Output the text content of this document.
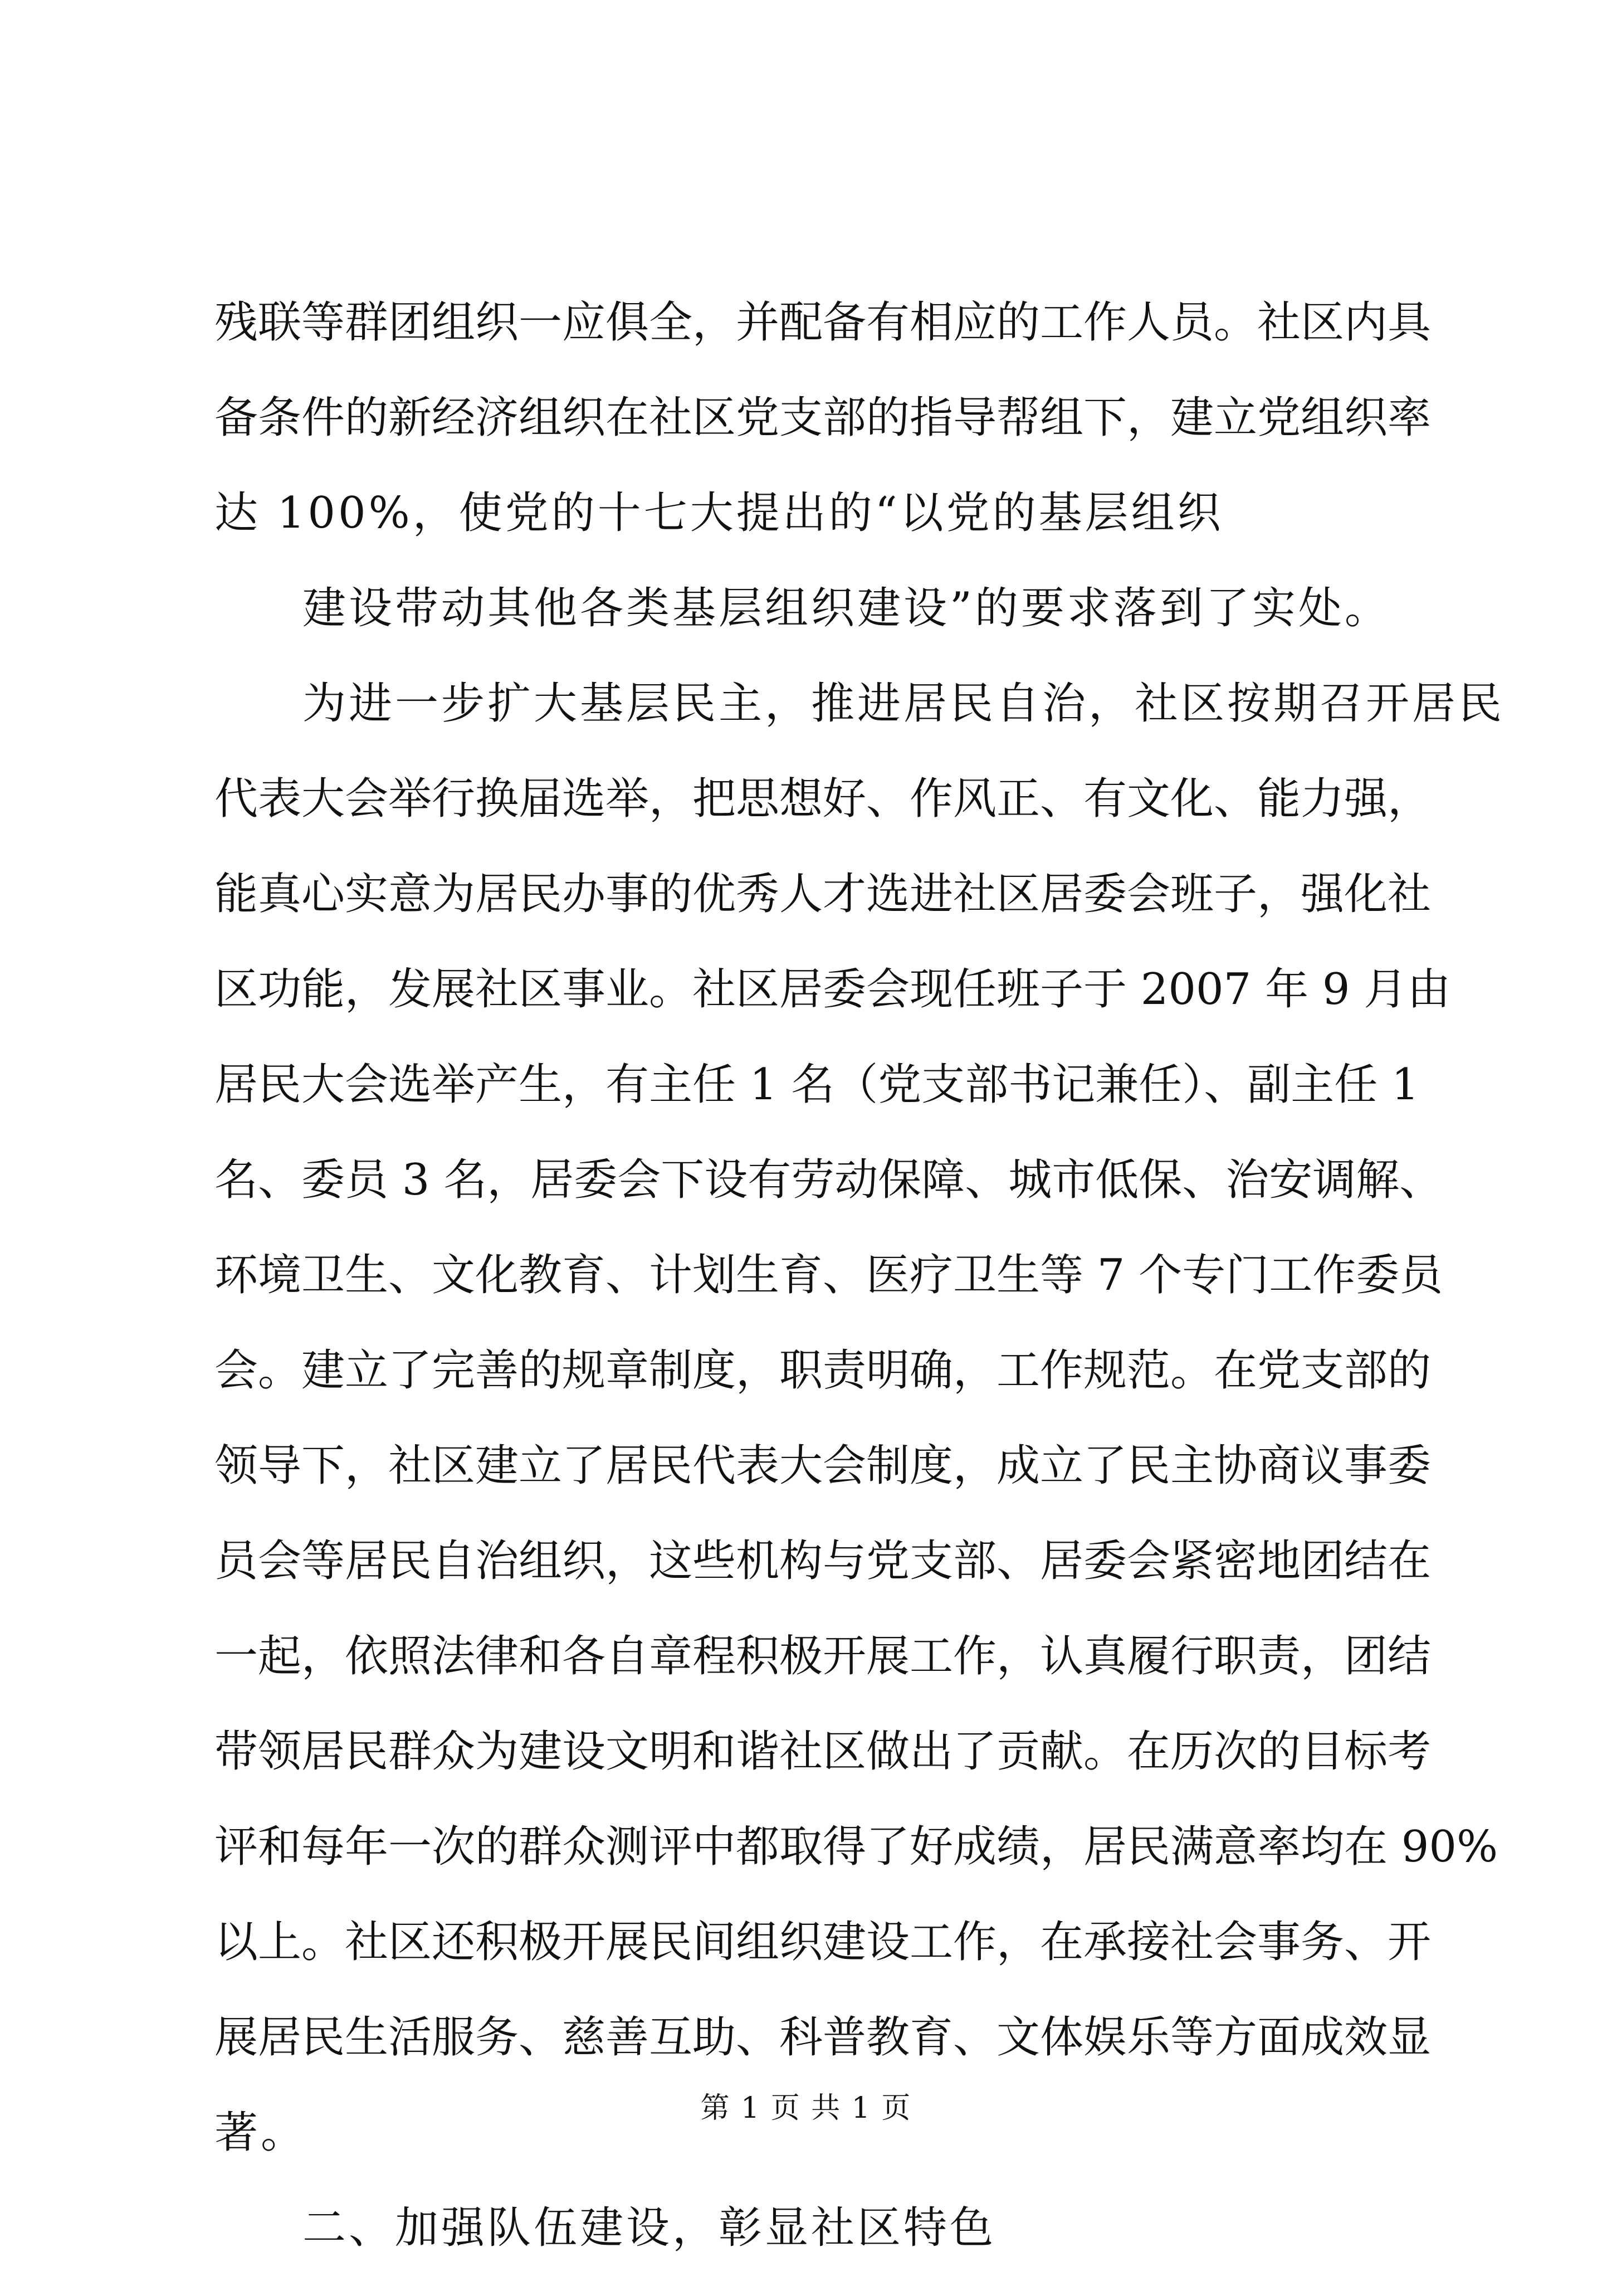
残联等群团组织一应俱全，并配备有相应的工作人员。社区内具
备条件的新经济组织在社区党支部的指导帮组下，建立党组织率
达 100%，使党的十七大提出的“以党的基层组织
建设带动其他各类基层组织建设”的要求落到了实处。
为进一步扩大基层民主，推进居民自治，社区按期召开居民
代表大会举行换届选举，把思想好、作风正、有文化、能力强，
能真心实意为居民办事的优秀人才选进社区居委会班子，强化社
区功能，发展社区事业。社区居委会现任班子于 2007 年 9 月由
居民大会选举产生，有主任 1 名（党支部书记兼任）、副主任 1
名、委员 3 名，居委会下设有劳动保障、城市低保、治安调解、
环境卫生、文化教育、计划生育、医疗卫生等 7 个专门工作委员
会。建立了完善的规章制度，职责明确，工作规范。在党支部的
领导下，社区建立了居民代表大会制度，成立了民主协商议事委
员会等居民自治组织，这些机构与党支部、居委会紧密地团结在
一起，依照法律和各自章程积极开展工作，认真履行职责，团结
带领居民群众为建设文明和谐社区做出了贡献。在历次的目标考
评和每年一次的群众测评中都取得了好成绩，居民满意率均在 90%
以上。社区还积极开展民间组织建设工作，在承接社会事务、开
展居民生活服务、慈善互助、科普教育、文体娱乐等方面成效显
著。
二、加强队伍建设，彰显社区特色
第 1 页 共 1 页
